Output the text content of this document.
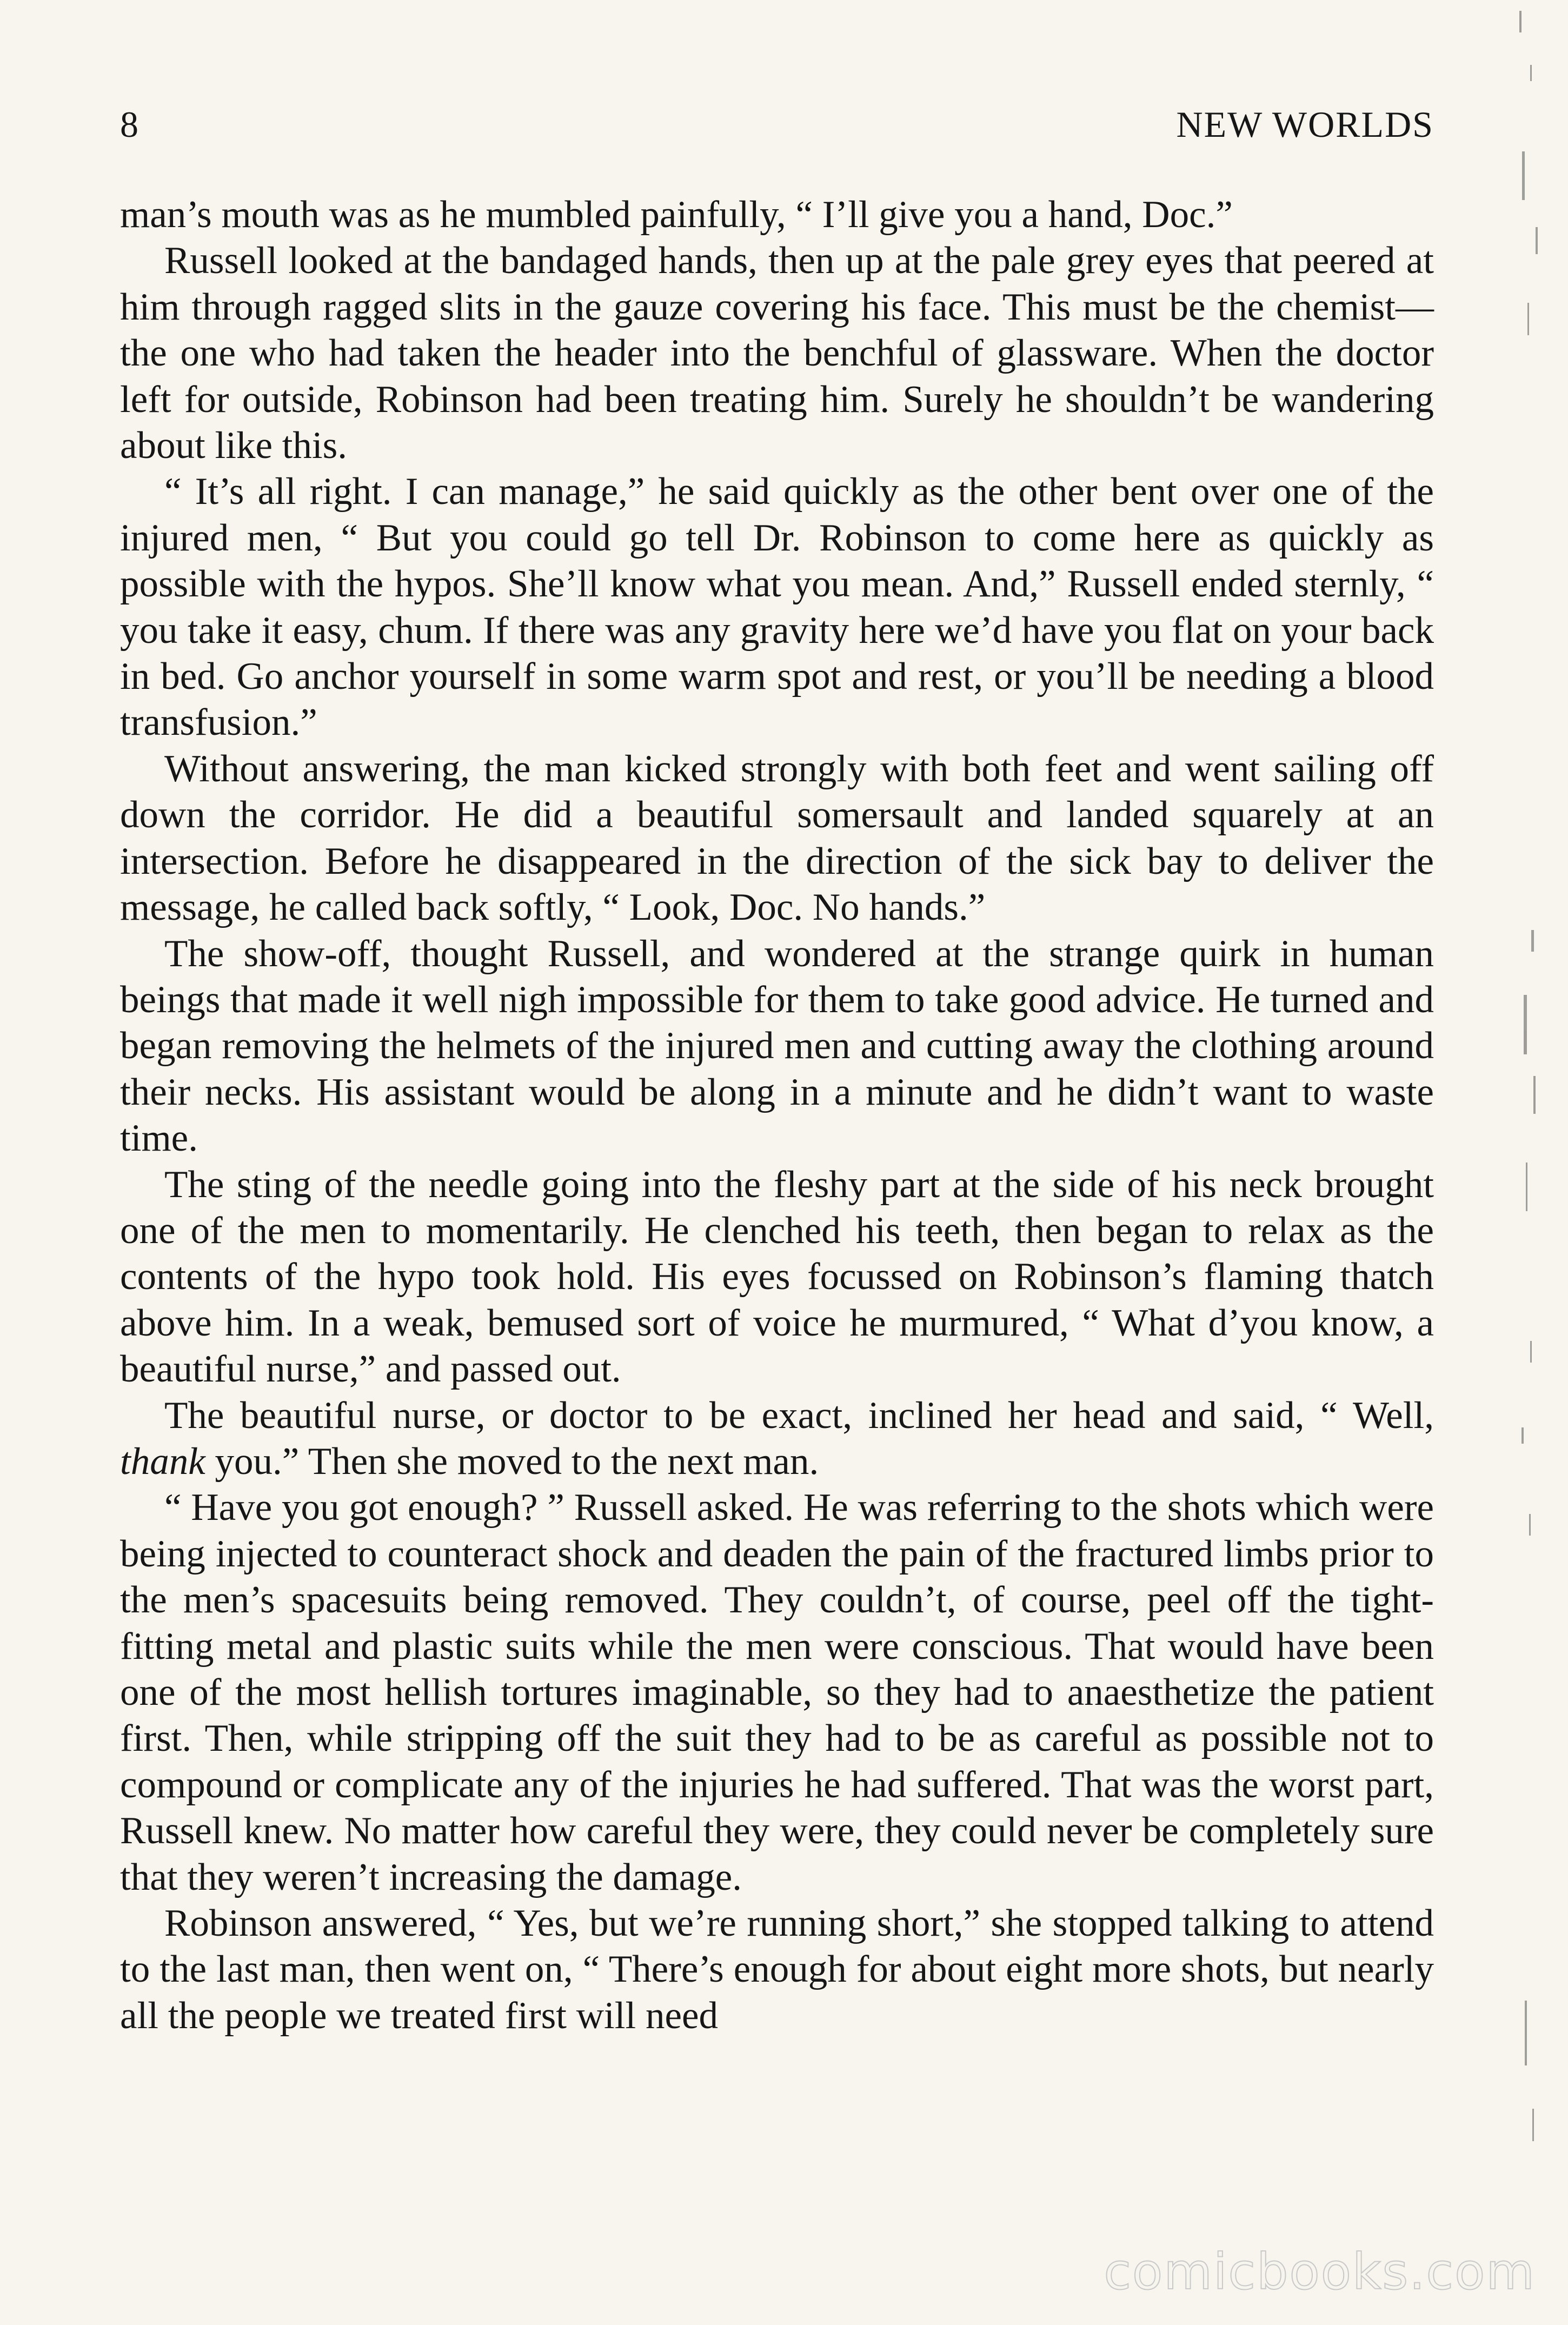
8	NEW WORLDS

man’s mouth was as he mumbled painfully, “ I’ll give you a hand, Doc.”

Russell looked at the bandaged hands, then up at the pale grey eyes that peered at him through ragged slits in the gauze covering his face. This must be the chemist—the one who had taken the header into the benchful of glassware. When the doctor left for outside, Robinson had been treating him. Surely he shouldn’t be wandering about like this.

“ It’s all right. I can manage,” he said quickly as the other bent over one of the injured men, “ But you could go tell Dr. Robinson to come here as quickly as possible with the hypos. She’ll know what you mean. And,” Russell ended sternly, “ you take it easy, chum. If there was any gravity here we’d have you flat on your back in bed. Go anchor yourself in some warm spot and rest, or you’ll be needing a blood transfusion.”

Without answering, the man kicked strongly with both feet and went sailing off down the corridor. He did a beautiful somersault and landed squarely at an intersection. Before he disappeared in the direction of the sick bay to deliver the message, he called back softly, “ Look, Doc. No hands.”

The show-off, thought Russell, and wondered at the strange quirk in human beings that made it well nigh impossible for them to take good advice. He turned and began removing the helmets of the injured men and cutting away the clothing around their necks. His assistant would be along in a minute and he didn’t want to waste time.

The sting of the needle going into the fleshy part at the side of his neck brought one of the men to momentarily. He clenched his teeth, then began to relax as the contents of the hypo took hold. His eyes focussed on Robinson’s flaming thatch above him. In a weak, bemused sort of voice he murmured, “ What d’you know, a beautiful nurse,” and passed out.

The beautiful nurse, or doctor to be exact, inclined her head and said, “ Well, thank you.” Then she moved to the next man.

“ Have you got enough? ” Russell asked. He was referring to the shots which were being injected to counteract shock and deaden the pain of the fractured limbs prior to the men’s spacesuits being removed. They couldn’t, of course, peel off the tight-fitting metal and plastic suits while the men were conscious. That would have been one of the most hellish tortures imaginable, so they had to anaesthetize the patient first. Then, while stripping off the suit they had to be as careful as possible not to compound or complicate any of the injuries he had suffered. That was the worst part, Russell knew. No matter how careful they were, they could never be completely sure that they weren’t increasing the damage.

Robinson answered, “ Yes, but we’re running short,” she stopped talking to attend to the last man, then went on, “ There’s enough for about eight more shots, but nearly all the people we treated first will need

comicbooks.com
